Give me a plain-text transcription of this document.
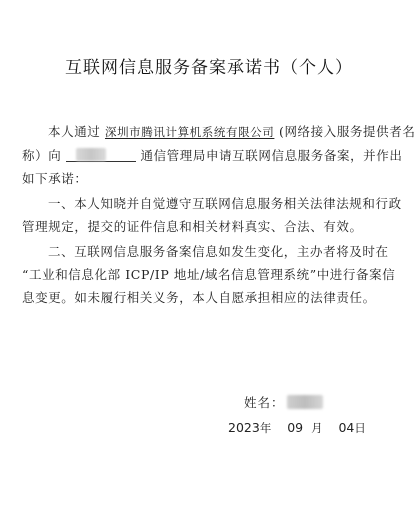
互联网信息服务备案承诺书（个人）
本人通过 深圳市腾讯计算机系统有限公司 (网络接入服务提供者名
称）向	通信管理局申请互联网信息服务备案，并作出
如下承诺：
一、本人知晓并自觉遵守互联网信息服务相关法律法规和行政
管理规定，提交的证件信息和相关材料真实、合法、有效。
二、互联网信息服务备案信息如发生变化，主办者将及时在
“工业和信息化部 ICP/IP 地址/域名信息管理系统”中进行备案信
息变更。如未履行相关义务，本人自愿承担相应的法律责任。
姓名：
2023年 09 月 04日
